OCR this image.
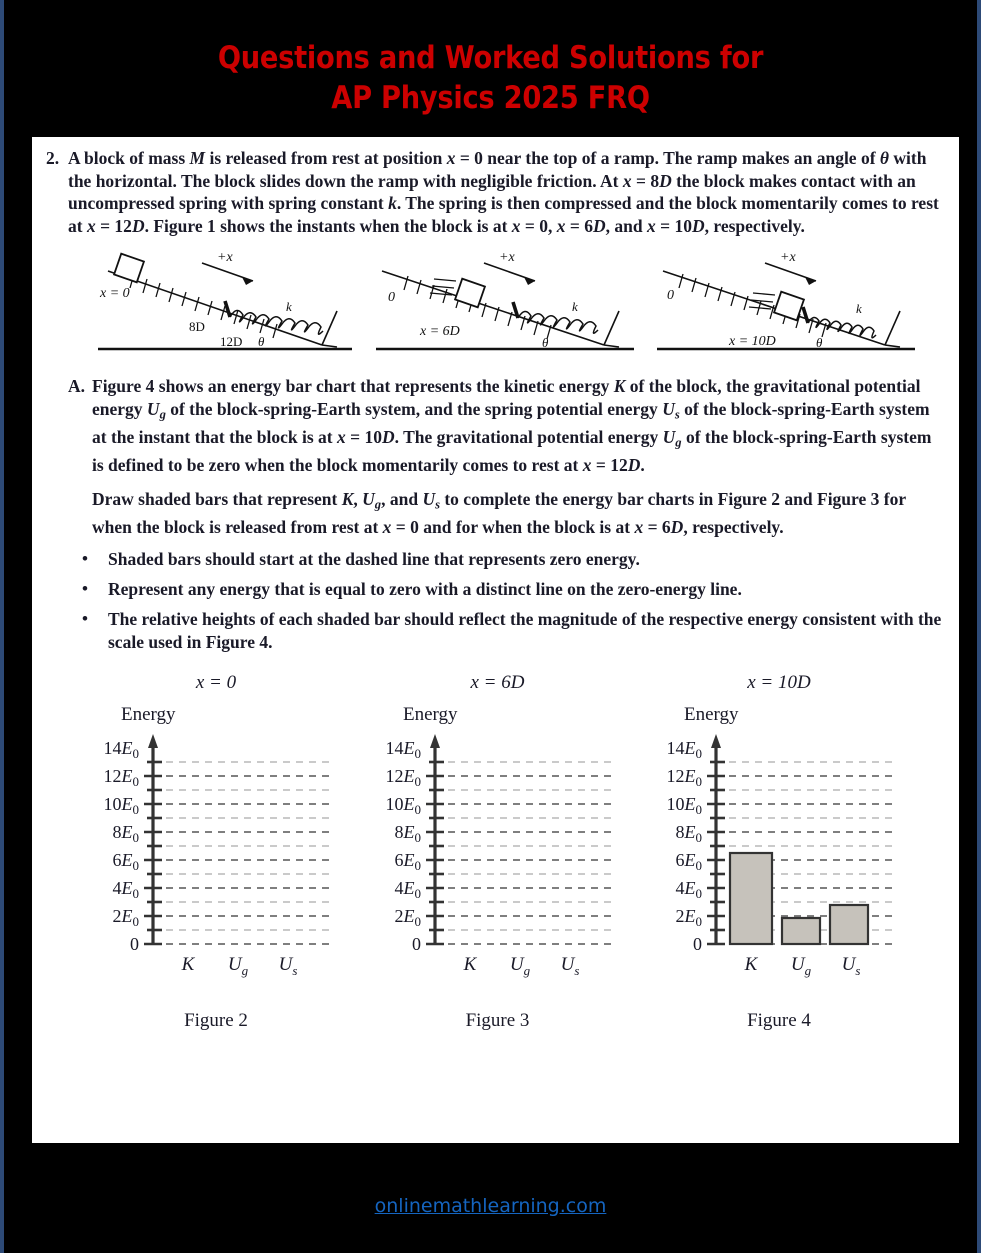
Questions and Worked Solutions for
AP Physics 2025 FRQ
2. A block of mass M is released from rest at position x = 0 near the top of a ramp. The ramp makes an angle of θ with the horizontal. The block slides down the ramp with negligible friction. At x = 8D the block makes contact with an uncompressed spring with spring constant k. The spring is then compressed and the block momentarily comes to rest at x = 12D. Figure 1 shows the instants when the block is at x = 0, x = 6D, and x = 10D, respectively.
+x
x = 0
8D
12D θ
k
+x
0
x = 6D
θ
k
+x
0
x = 10D	θ
k
A. Figure 4 shows an energy bar chart that represents the kinetic energy K of the block, the gravitational potential energy $U_g$ of the block-spring-Earth system, and the spring potential energy $U_s$ of the block-spring-Earth system at the instant that the block is at x = 10D. The gravitational potential energy $U_g$ of the block-spring-Earth system is defined to be zero when the block momentarily comes to rest at x = 12D.
Draw shaded bars that represent K, $U_g$, and $U_s$ to complete the energy bar charts in Figure 2 and Figure 3 for when the block is released from rest at x = 0 and for when the block is at x = 6D, respectively.
• Shaded bars should start at the dashed line that represents zero energy.
• Represent any energy that is equal to zero with a distinct line on the zero-energy line.
• The relative heights of each shaded bar should reflect the magnitude of the respective energy consistent with the scale used in Figure 4.
x = 0
Energy
0
$2E_0$
$4E_0$
$6E_0$
$8E_0$
$10E_0$
$12E_0$
$14E_0$
K $U_g$ $U_s$
Figure 2
x = 6D
Energy
0
$2E_0$
$4E_0$
$6E_0$
$8E_0$
$10E_0$
$12E_0$
$14E_0$
K $U_g$ $U_s$
Figure 3
x = 10D
Energy
0
$2E_0$
$4E_0$
$6E_0$
$8E_0$
$10E_0$
$12E_0$
$14E_0$
K $U_g$ $U_s$
Figure 4
onlinemathlearning.com
